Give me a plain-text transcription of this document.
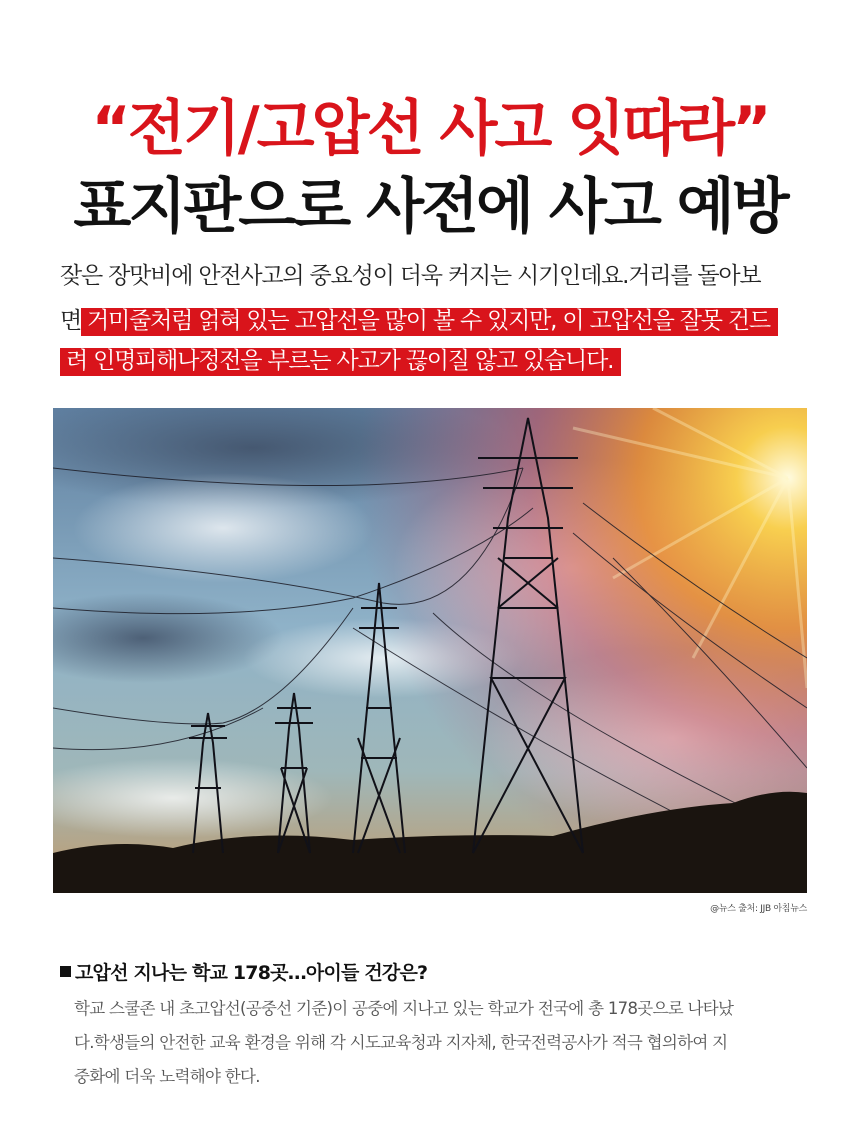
“전기/고압선 사고 잇따라”
표지판으로 사전에 사고 예방
잦은 장맛비에 안전사고의 중요성이 더욱 커지는 시기인데요.거리를 돌아보
면 거미줄처럼 얽혀 있는 고압선을 많이 볼 수 있지만, 이 고압선을 잘못 건드
려 인명피해나정전을 부르는 사고가 끊이질 않고 있습니다.
@뉴스 출처: JJB 아침뉴스
고압선 지나는 학교 178곳…아이들 건강은?
학교 스쿨존 내 초고압선(공중선 기준)이 공중에 지나고 있는 학교가 전국에 총 178곳으로 나타났
다.학생들의 안전한 교육 환경을 위해 각 시도교육청과 지자체, 한국전력공사가 적극 협의하여 지
중화에 더욱 노력해야 한다.
